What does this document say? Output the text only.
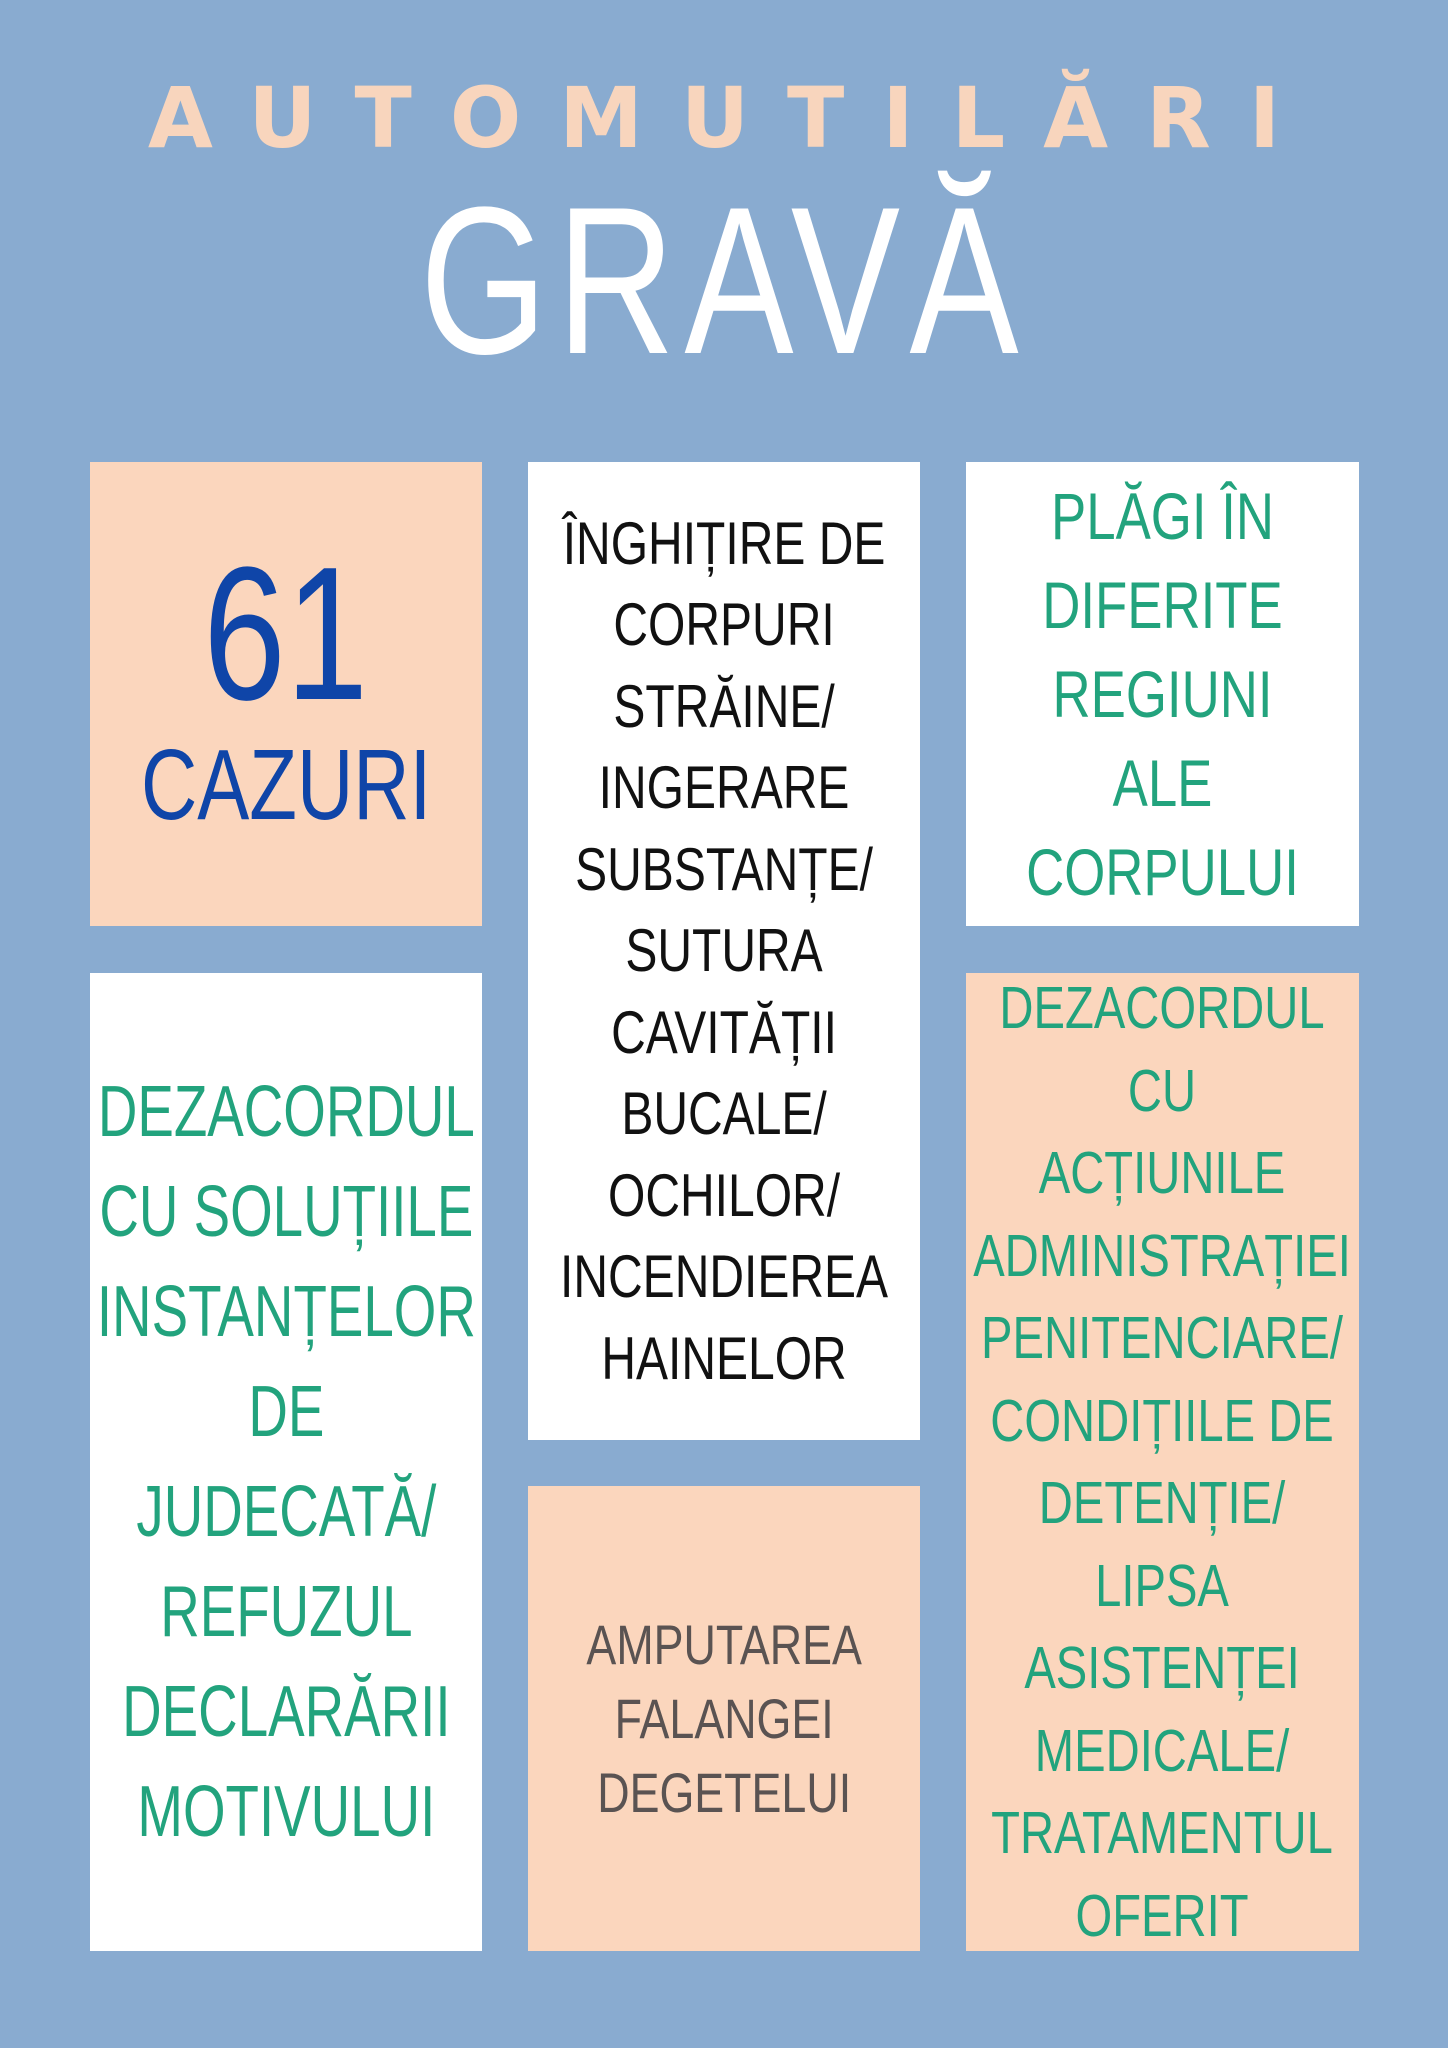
AUTOMUTILĂRI
GRAVĂ
61
CAZURI
ÎNGHIȚIRE DE
CORPURI
STRĂINE/
INGERARE
SUBSTANȚE/
SUTURA
CAVITĂȚII
BUCALE/
OCHILOR/
INCENDIEREA
HAINELOR
PLĂGI ÎN
DIFERITE
REGIUNI ALE
CORPULUI
DEZACORDUL
CU SOLUȚIILE
INSTANȚELOR
DE
JUDECATĂ/
REFUZUL
DECLARĂRII
MOTIVULUI
AMPUTAREA
FALANGEI
DEGETELUI
DEZACORDUL CU
ACȚIUNILE
ADMINISTRAȚIEI
PENITENCIARE/
CONDIȚIILE DE
DETENȚIE/ LIPSA
ASISTENȚEI
MEDICALE/
TRATAMENTUL
OFERIT
